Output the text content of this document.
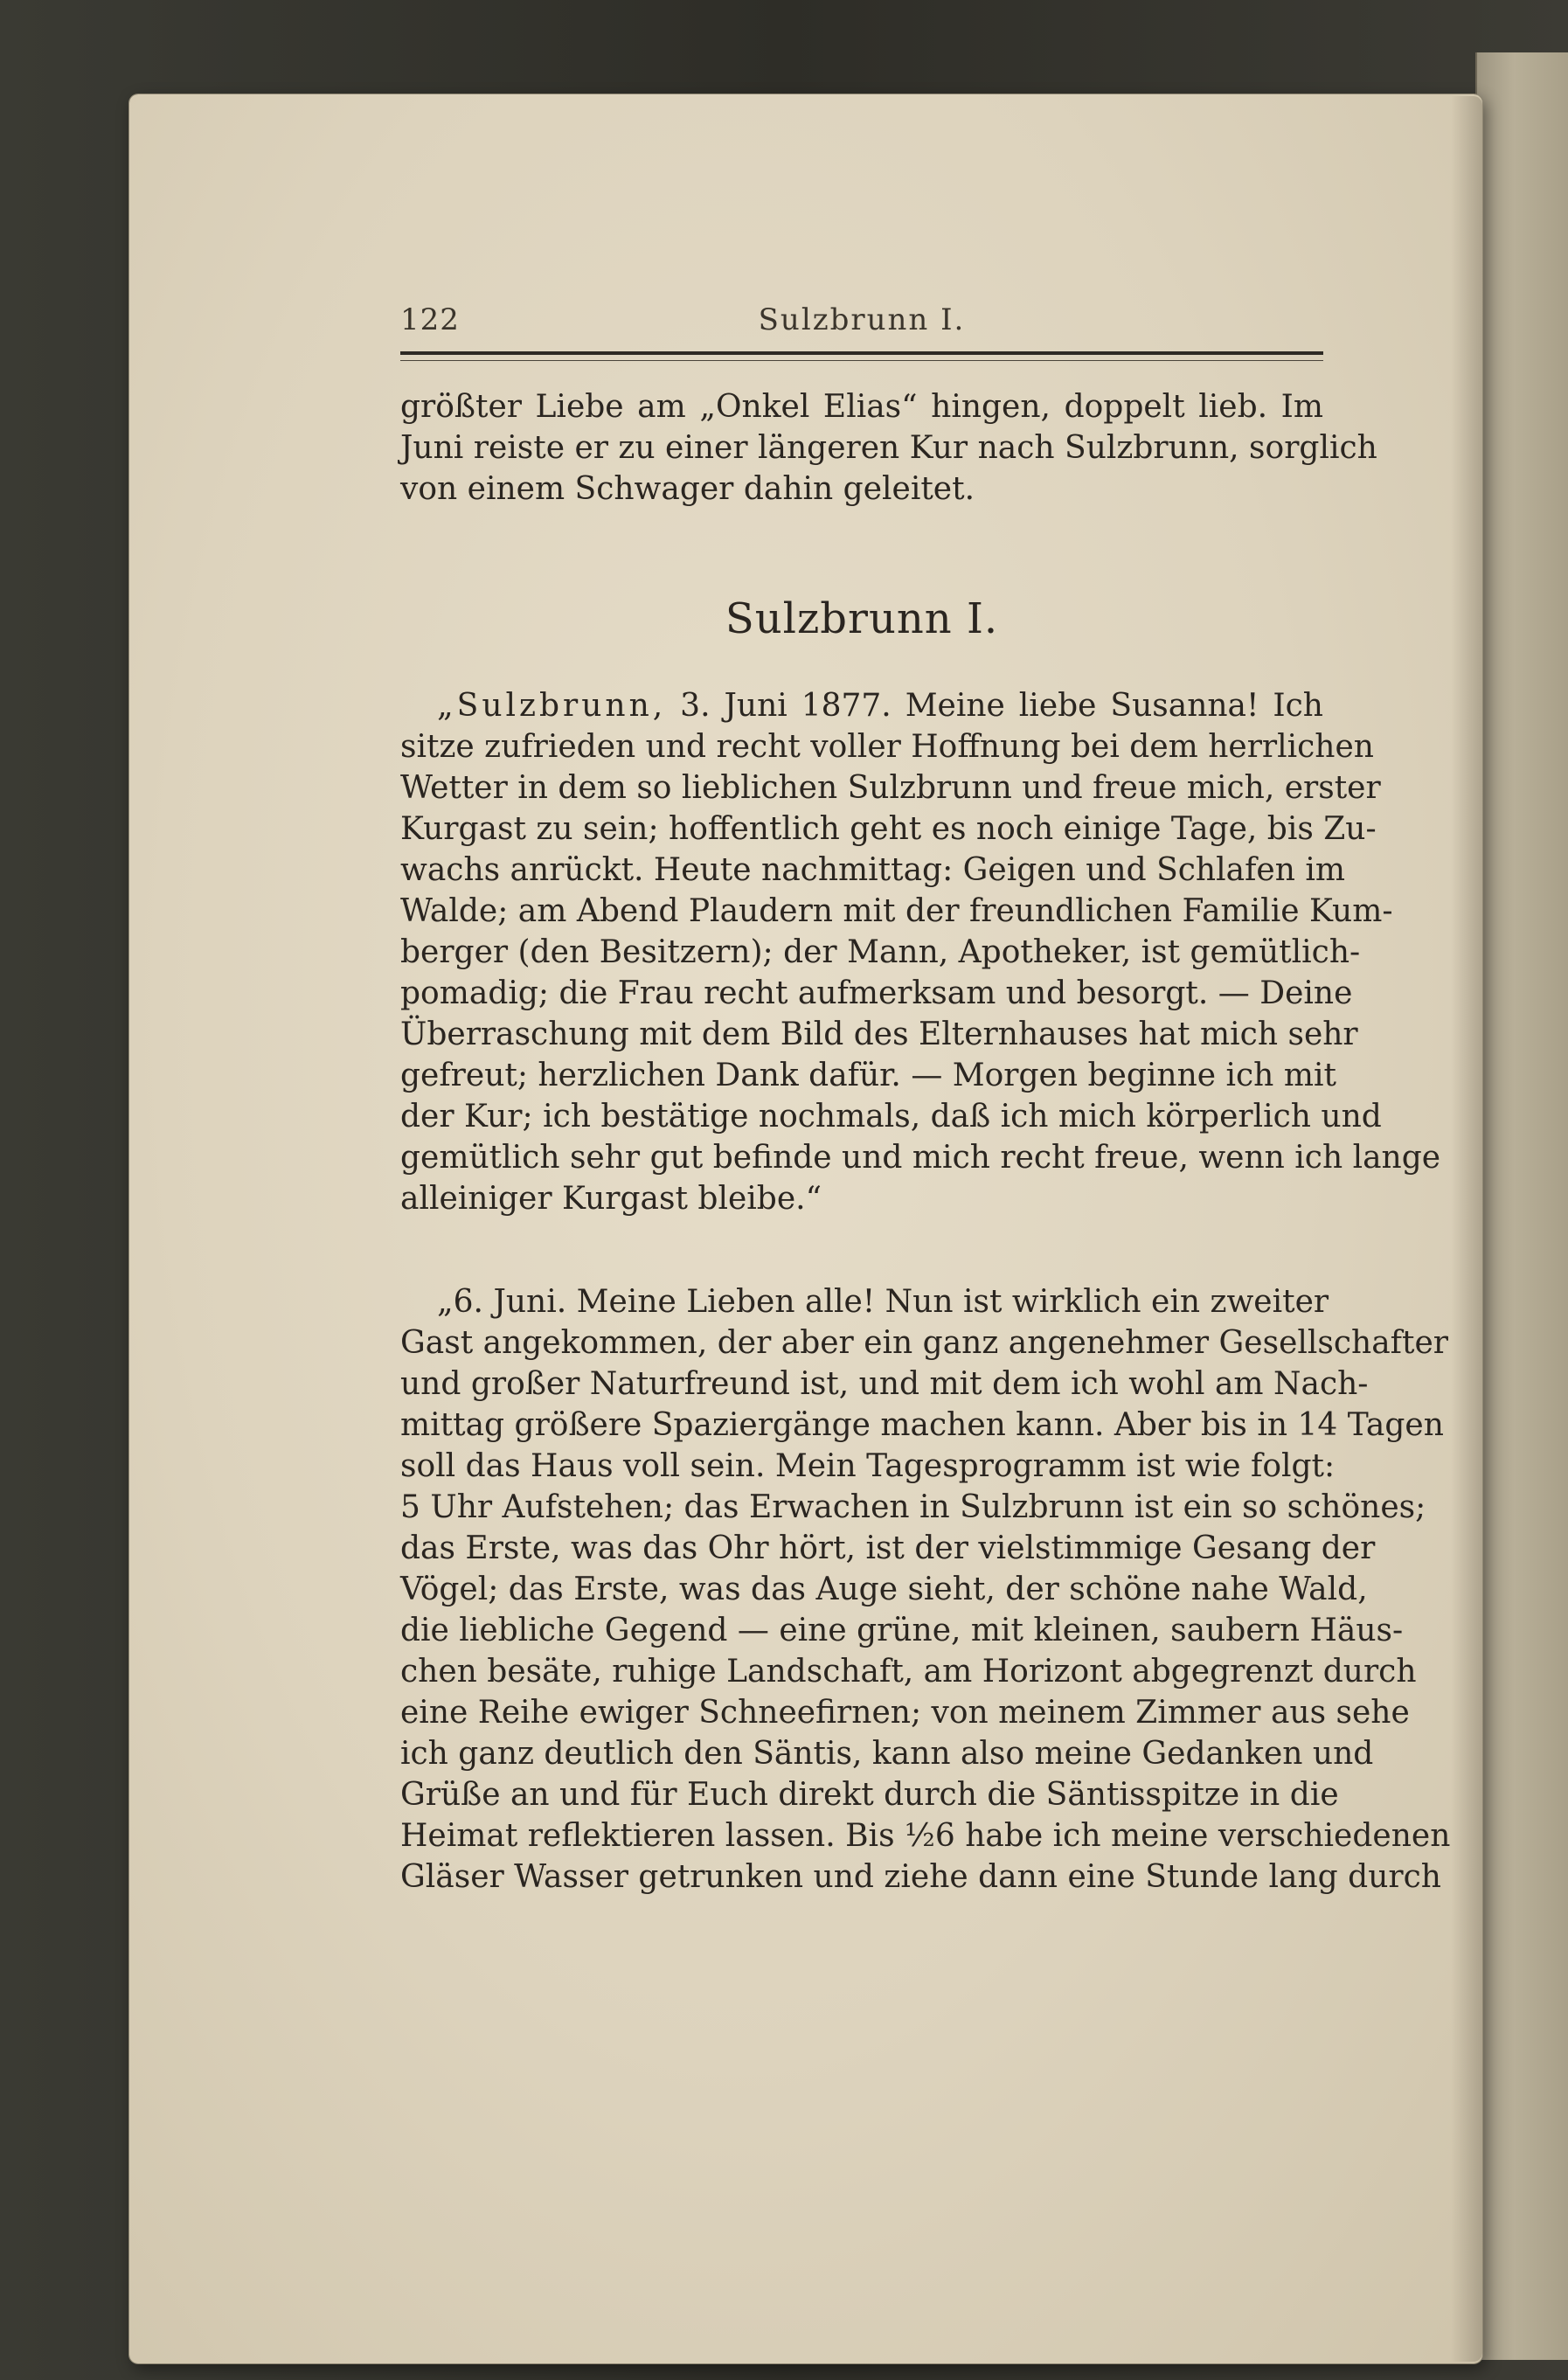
122	Sulzbrunn I.
größter Liebe am „Onkel Elias“ hingen, doppelt lieb. Im
Juni reiste er zu einer längeren Kur nach Sulzbrunn, sorglich
von einem Schwager dahin geleitet.
Sulzbrunn I.
„Sulzbrunn, 3. Juni 1877. Meine liebe Susanna! Ich
sitze zufrieden und recht voller Hoffnung bei dem herrlichen
Wetter in dem so lieblichen Sulzbrunn und freue mich, erster
Kurgast zu sein; hoffentlich geht es noch einige Tage, bis Zu-
wachs anrückt. Heute nachmittag: Geigen und Schlafen im
Walde; am Abend Plaudern mit der freundlichen Familie Kum-
berger (den Besitzern); der Mann, Apotheker, ist gemütlich-
pomadig; die Frau recht aufmerksam und besorgt. — Deine
Überraschung mit dem Bild des Elternhauses hat mich sehr
gefreut; herzlichen Dank dafür. — Morgen beginne ich mit
der Kur; ich bestätige nochmals, daß ich mich körperlich und
gemütlich sehr gut befinde und mich recht freue, wenn ich lange
alleiniger Kurgast bleibe.“
„6. Juni. Meine Lieben alle! Nun ist wirklich ein zweiter
Gast angekommen, der aber ein ganz angenehmer Gesellschafter
und großer Naturfreund ist, und mit dem ich wohl am Nach-
mittag größere Spaziergänge machen kann. Aber bis in 14 Tagen
soll das Haus voll sein. Mein Tagesprogramm ist wie folgt:
5 Uhr Aufstehen; das Erwachen in Sulzbrunn ist ein so schönes;
das Erste, was das Ohr hört, ist der vielstimmige Gesang der
Vögel; das Erste, was das Auge sieht, der schöne nahe Wald,
die liebliche Gegend — eine grüne, mit kleinen, saubern Häus-
chen besäte, ruhige Landschaft, am Horizont abgegrenzt durch
eine Reihe ewiger Schneefirnen; von meinem Zimmer aus sehe
ich ganz deutlich den Säntis, kann also meine Gedanken und
Grüße an und für Euch direkt durch die Säntisspitze in die
Heimat reflektieren lassen. Bis ½6 habe ich meine verschiedenen
Gläser Wasser getrunken und ziehe dann eine Stunde lang durch
